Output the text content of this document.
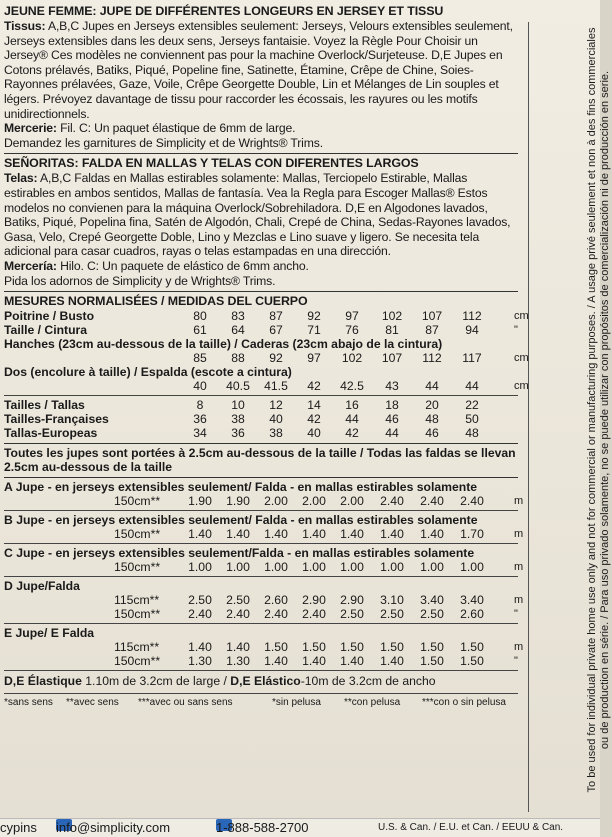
JEUNE FEMME: JUPE DE DIFFÉRENTES LONGEURS EN JERSEY ET TISSU

Tissus: A,B,C Jupes en Jerseys extensibles seulement: Jerseys, Velours extensibles seulement, Jerseys extensibles dans les deux sens, Jerseys fantaisie. Voyez la Règle Pour Choisir un Jersey® Ces modèles ne conviennent pas pour la machine Overlock/Surjeteuse. D,E Jupes en Cotons prélavés, Batiks, Piqué, Popeline fine, Satinette, Étamine, Crêpe de Chine, Soies-Rayonnes prélavées, Gaze, Voile, Crêpe Georgette Double, Lin et Mélanges de Lin souples et légers. Prévoyez davantage de tissu pour raccorder les écossais, les rayures ou les motifs unidirectionnels.

Mercerie: Fil. C: Un paquet élastique de 6mm de large.

Demandez les garnitures de Simplicity et de Wrights® Trims.

SEÑORITAS: FALDA EN MALLAS Y TELAS CON DIFERENTES LARGOS

Telas: A,B,C Faldas en Mallas estirables solamente: Mallas, Terciopelo Estirable, Mallas estirables en ambos sentidos, Mallas de fantasía. Vea la Regla para Escoger Mallas® Estos modelos no convienen para la máquina Overlock/Sobrehiladora. D,E en Algodones lavados, Batiks, Piqué, Popelina fina, Satén de Algodón, Chali, Crepé de China, Sedas-Rayones lavados, Gasa, Velo, Crepé Georgette Doble, Lino y Mezclas e Lino suave y ligero. Se necesita tela adicional para casar cuadros, rayas o telas estampadas en una dirección.

Mercería: Hilo. C: Un paquete de elástico de 6mm ancho.

Pida los adornos de Simplicity y de Wrights® Trims.

MESURES NORMALISÉES / MEDIDAS DEL CUERPO
Poitrine / Busto	80	83	87	92	97	102	107	112	cm
Taille / Cintura	61	64	67	71	76	81	87	94	"
Hanches (23cm au-dessous de la taille) / Caderas (23cm abajo de la cintura)
85	88	92	97	102	107	112	117	cm
Dos (encolure à taille) / Espalda (escote a cintura)
40	40.5	41.5	42	42.5	43	44	44	cm
Tailles / Tallas	8	10	12	14	16	18	20	22
Tailles-Françaises	36	38	40	42	44	46	48	50
Tallas-Europeas	34	36	38	40	42	44	46	48
Toutes les jupes sont portées à 2.5cm au-dessous de la taille / Todas las faldas se llevan 2.5cm au-dessous de la taille
A Jupe - en jerseys extensibles seulement/ Falda - en mallas estirables solamente
150cm**	1.90	1.90	2.00	2.00	2.00	2.40	2.40	2.40	m
B Jupe - en jerseys extensibles seulement/ Falda - en mallas estirables solamente
150cm**	1.40	1.40	1.40	1.40	1.40	1.40	1.40	1.70	m
C Jupe - en jerseys extensibles seulement/Falda - en mallas estirables solamente
150cm**	1.00	1.00	1.00	1.00	1.00	1.00	1.00	1.00	m
D Jupe/Falda
115cm**	2.50	2.50	2.60	2.90	2.90	3.10	3.40	3.40	m
150cm**	2.40	2.40	2.40	2.40	2.50	2.50	2.50	2.60	"
E Jupe/ E Falda
115cm**	1.40	1.40	1.50	1.50	1.50	1.50	1.50	1.50	m
150cm**	1.30	1.30	1.40	1.40	1.40	1.40	1.50	1.50	"
D,E Élastique 1.10m de 3.2cm de large / D,E Elástico-10m de 3.2cm de ancho
*sans sens **avec sens ***avec ou sans sens	*sin pelusa **con pelusa ***con o sin pelusa	To be used for individual private home use only and not for commercial or manufacturing purposes. / A usage privé seulement et non à des fins commerciales ou de production en série. / Para uso privado solamente, no se puede utilizar con propósitos de comercialización ni de producción en serie.
cypins info@simplicity.com	1-888-588-2700	U.S. & Can. / E.U. et Can. / EEUU & Can.
